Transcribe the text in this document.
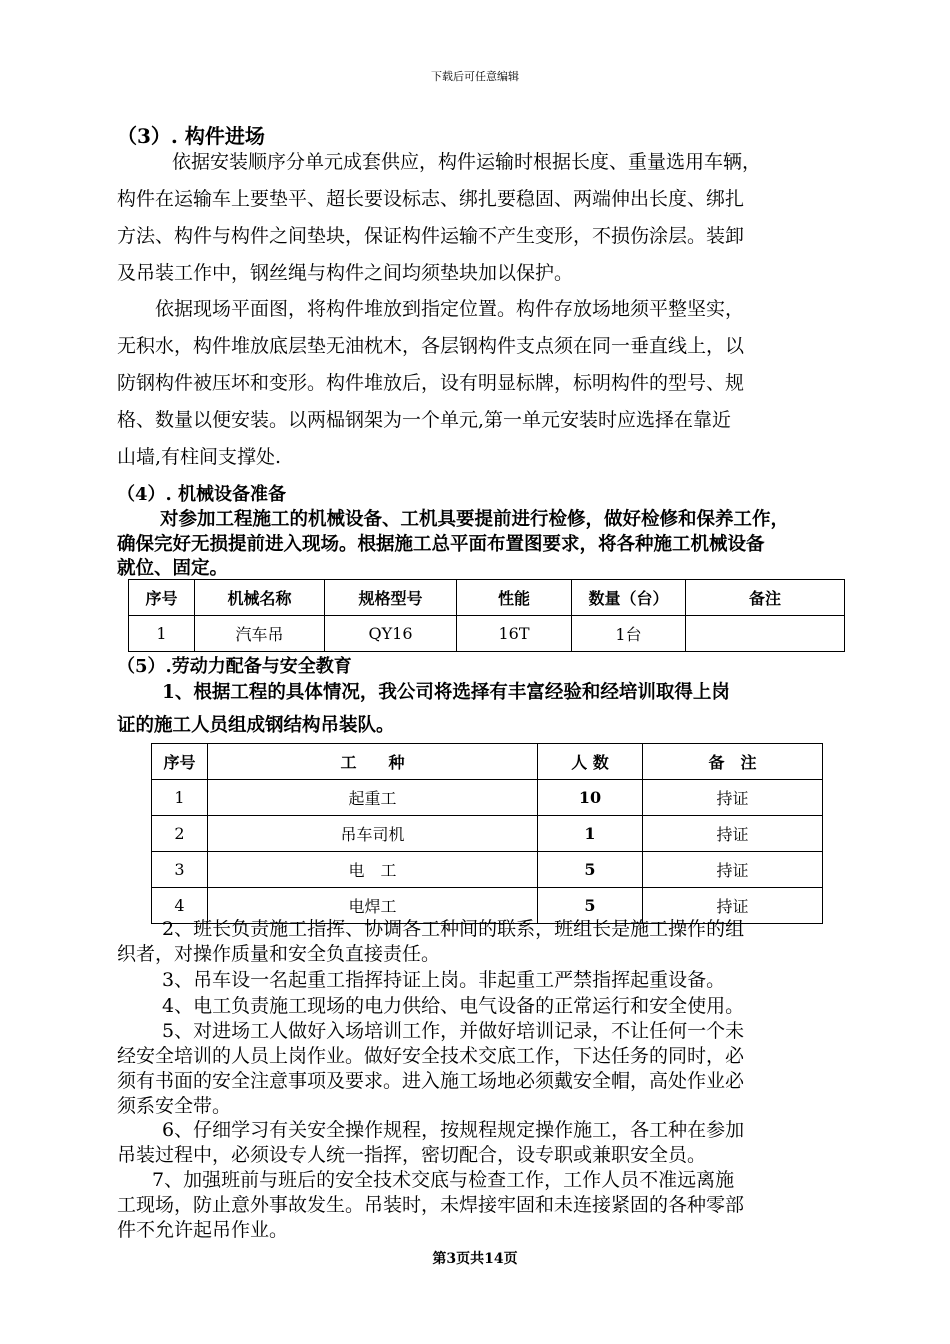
下载后可任意编辑
（3）. 构件进场
依据安装顺序分单元成套供应，构件运输时根据长度、重量选用车辆，
构件在运输车上要垫平、超长要设标志、绑扎要稳固、两端伸出长度、绑扎
方法、构件与构件之间垫块，保证构件运输不产生变形，不损伤涂层。装卸
及吊装工作中，钢丝绳与构件之间均须垫块加以保护。
依据现场平面图，将构件堆放到指定位置。构件存放场地须平整坚实，
无积水，构件堆放底层垫无油枕木，各层钢构件支点须在同一垂直线上，以
防钢构件被压坏和变形。构件堆放后，设有明显标牌，标明构件的型号、规
格、数量以便安装。以两榀钢架为一个单元,第一单元安装时应选择在靠近
山墙,有柱间支撑处.
（4）. 机械设备准备
对参加工程施工的机械设备、工机具要提前进行检修，做好检修和保养工作，
确保完好无损提前进入现场。根据施工总平面布置图要求，将各种施工机械设备
就位、固定。
序号	机械名称	规格型号	性能	数量（台）	备注
1	汽车吊	QY16	16T	1台	
（5）.劳动力配备与安全教育
1、根据工程的具体情况，我公司将选择有丰富经验和经培训取得上岗
证的施工人员组成钢结构吊装队。
序号	工　　种	人 数	备　注
1	起重工	10	持证
2	吊车司机	1	持证
3	电　工	5	持证
4	电焊工	5	持证
2、班长负责施工指挥、协调各工种间的联系，班组长是施工操作的组
织者，对操作质量和安全负直接责任。
3、吊车设一名起重工指挥持证上岗。非起重工严禁指挥起重设备。
4、电工负责施工现场的电力供给、电气设备的正常运行和安全使用。
5、对进场工人做好入场培训工作，并做好培训记录，不让任何一个未
经安全培训的人员上岗作业。做好安全技术交底工作，下达任务的同时，必
须有书面的安全注意事项及要求。进入施工场地必须戴安全帽，高处作业必
须系安全带。
6、仔细学习有关安全操作规程，按规程规定操作施工，各工种在参加
吊装过程中，必须设专人统一指挥，密切配合，设专职或兼职安全员。
7、加强班前与班后的安全技术交底与检查工作，工作人员不准远离施
工现场，防止意外事故发生。吊装时，未焊接牢固和未连接紧固的各种零部
件不允许起吊作业。
第3页共14页
